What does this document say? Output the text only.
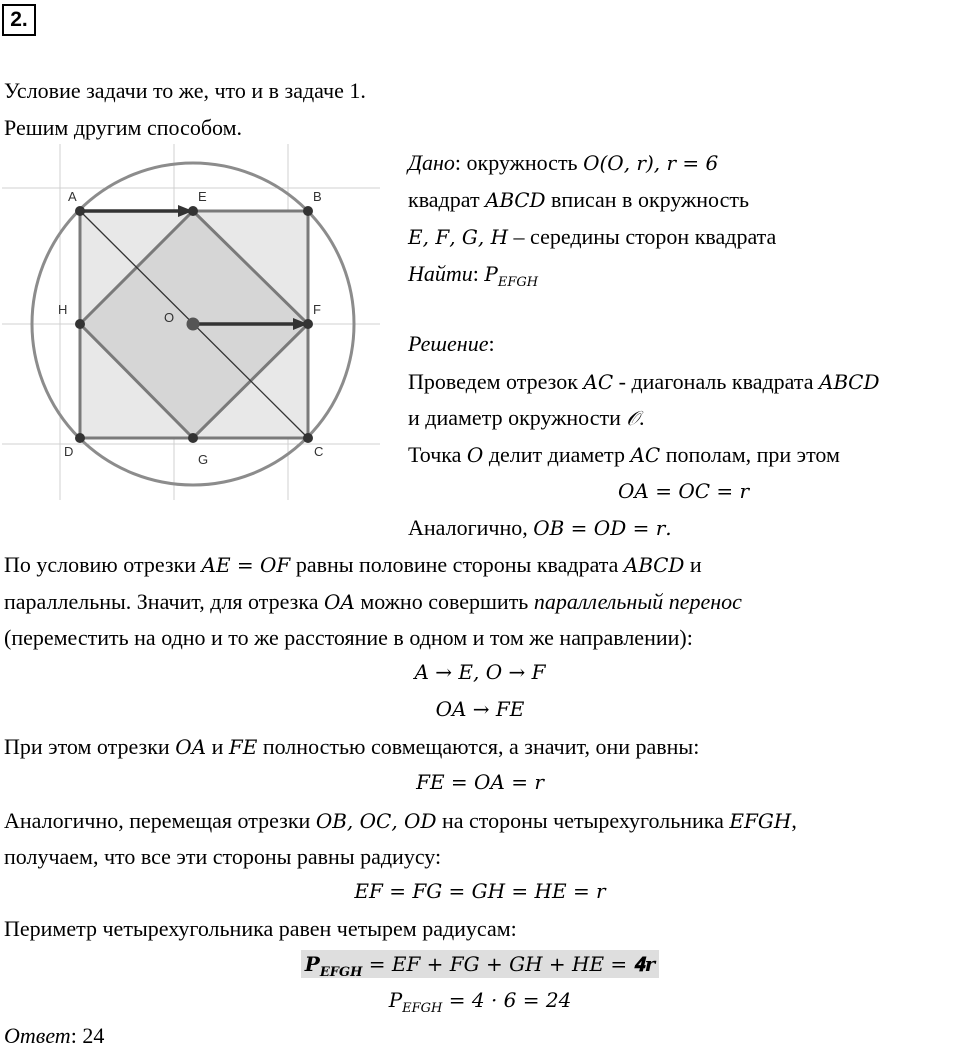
2.
Условие задачи то же, что и в задаче 1.
Решим другим способом.
A	E	B
H
O
F
D
G
C
Дано: окружность 𝑂(𝑂, 𝑟), 𝑟 = 6
квадрат 𝐴𝐵𝐶𝐷 вписан в окружность
𝐸, 𝐹, 𝐺, 𝐻 – середины сторон квадрата
Найти: 𝑃$_{𝐸𝐹𝐺𝐻}$
Решение:
Проведем отрезок 𝐴𝐶 - диагональ квадрата 𝐴𝐵𝐶𝐷
и диаметр окружности 𝒪.
Точка 𝑂 делит диаметр 𝐴𝐶 пополам, при этом
𝑂𝐴 = 𝑂𝐶 = 𝑟
Аналогично, 𝑂𝐵 = 𝑂𝐷 = 𝑟.
По условию отрезки 𝐴𝐸 = 𝑂𝐹 равны половине стороны квадрата 𝐴𝐵𝐶𝐷 и
параллельны. Значит, для отрезка 𝑂𝐴 можно совершить параллельный перенос
(переместить на одно и то же расстояние в одном и том же направлении):
𝐴 → 𝐸, 𝑂 → 𝐹
𝑂𝐴 → 𝐹𝐸
При этом отрезки 𝑂𝐴 и 𝐹𝐸 полностью совмещаются, а значит, они равны:
𝐹𝐸 = 𝑂𝐴 = 𝑟
Аналогично, перемещая отрезки 𝑂𝐵, 𝑂𝐶, 𝑂𝐷 на стороны четырехугольника 𝐸𝐹𝐺𝐻,
получаем, что все эти стороны равны радиусу:
𝐸𝐹 = 𝐹𝐺 = 𝐺𝐻 = 𝐻𝐸 = 𝑟
Периметр четырехугольника равен четырем радиусам:
𝑷$_{𝑬𝑭𝑮𝑯}$ = 𝐸𝐹 + 𝐹𝐺 + 𝐺𝐻 + 𝐻𝐸 = 𝟒𝒓
𝑃$_{𝐸𝐹𝐺𝐻}$ = 4 · 6 = 24
Ответ: 24
